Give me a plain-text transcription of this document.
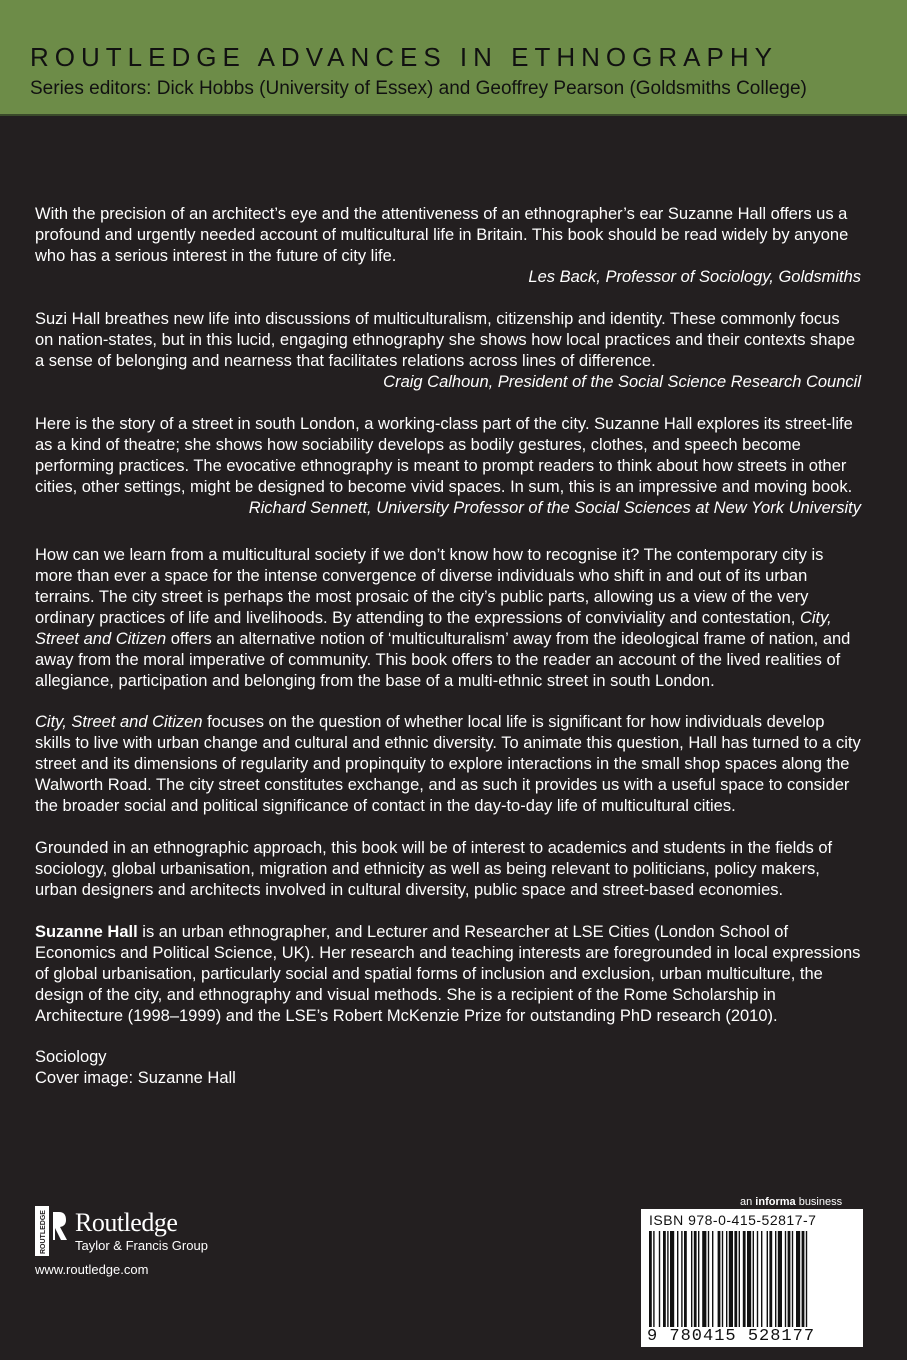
ROUTLEDGE ADVANCES IN ETHNOGRAPHY
Series editors: Dick Hobbs (University of Essex) and Geoffrey Pearson (Goldsmiths College)

With the precision of an architect’s eye and the attentiveness of an ethnographer’s ear Suzanne Hall offers us a profound and urgently needed account of multicultural life in Britain. This book should be read widely by anyone who has a serious interest in the future of city life.
Les Back, Professor of Sociology, Goldsmiths

Suzi Hall breathes new life into discussions of multiculturalism, citizenship and identity. These commonly focus on nation-states, but in this lucid, engaging ethnography she shows how local practices and their contexts shape a sense of belonging and nearness that facilitates relations across lines of difference.
Craig Calhoun, President of the Social Science Research Council

Here is the story of a street in south London, a working-class part of the city. Suzanne Hall explores its street-life as a kind of theatre; she shows how sociability develops as bodily gestures, clothes, and speech become performing practices. The evocative ethnography is meant to prompt readers to think about how streets in other cities, other settings, might be designed to become vivid spaces. In sum, this is an impressive and moving book.
Richard Sennett, University Professor of the Social Sciences at New York University

How can we learn from a multicultural society if we don’t know how to recognise it? The contemporary city is more than ever a space for the intense convergence of diverse individuals who shift in and out of its urban terrains. The city street is perhaps the most prosaic of the city’s public parts, allowing us a view of the very ordinary practices of life and livelihoods. By attending to the expressions of conviviality and contestation, City, Street and Citizen offers an alternative notion of ‘multiculturalism’ away from the ideological frame of nation, and away from the moral imperative of community. This book offers to the reader an account of the lived realities of allegiance, participation and belonging from the base of a multi-ethnic street in south London.

City, Street and Citizen focuses on the question of whether local life is significant for how individuals develop skills to live with urban change and cultural and ethnic diversity. To animate this question, Hall has turned to a city street and its dimensions of regularity and propinquity to explore interactions in the small shop spaces along the Walworth Road. The city street constitutes exchange, and as such it provides us with a useful space to consider the broader social and political significance of contact in the day-to-day life of multicultural cities.

Grounded in an ethnographic approach, this book will be of interest to academics and students in the fields of sociology, global urbanisation, migration and ethnicity as well as being relevant to politicians, policy makers, urban designers and architects involved in cultural diversity, public space and street-based economies.

Suzanne Hall is an urban ethnographer, and Lecturer and Researcher at LSE Cities (London School of Economics and Political Science, UK). Her research and teaching interests are foregrounded in local expressions of global urbanisation, particularly social and spatial forms of inclusion and exclusion, urban multiculture, the design of the city, and ethnography and visual methods. She is a recipient of the Rome Scholarship in Architecture (1998–1999) and the LSE’s Robert McKenzie Prize for outstanding PhD research (2010).

Sociology

Cover image: Suzanne Hall

ROUTLEDGE Routledge
Taylor & Francis Group
www.routledge.com
an informa business
ISBN 978-0-415-52817-7
9 780415 528177
